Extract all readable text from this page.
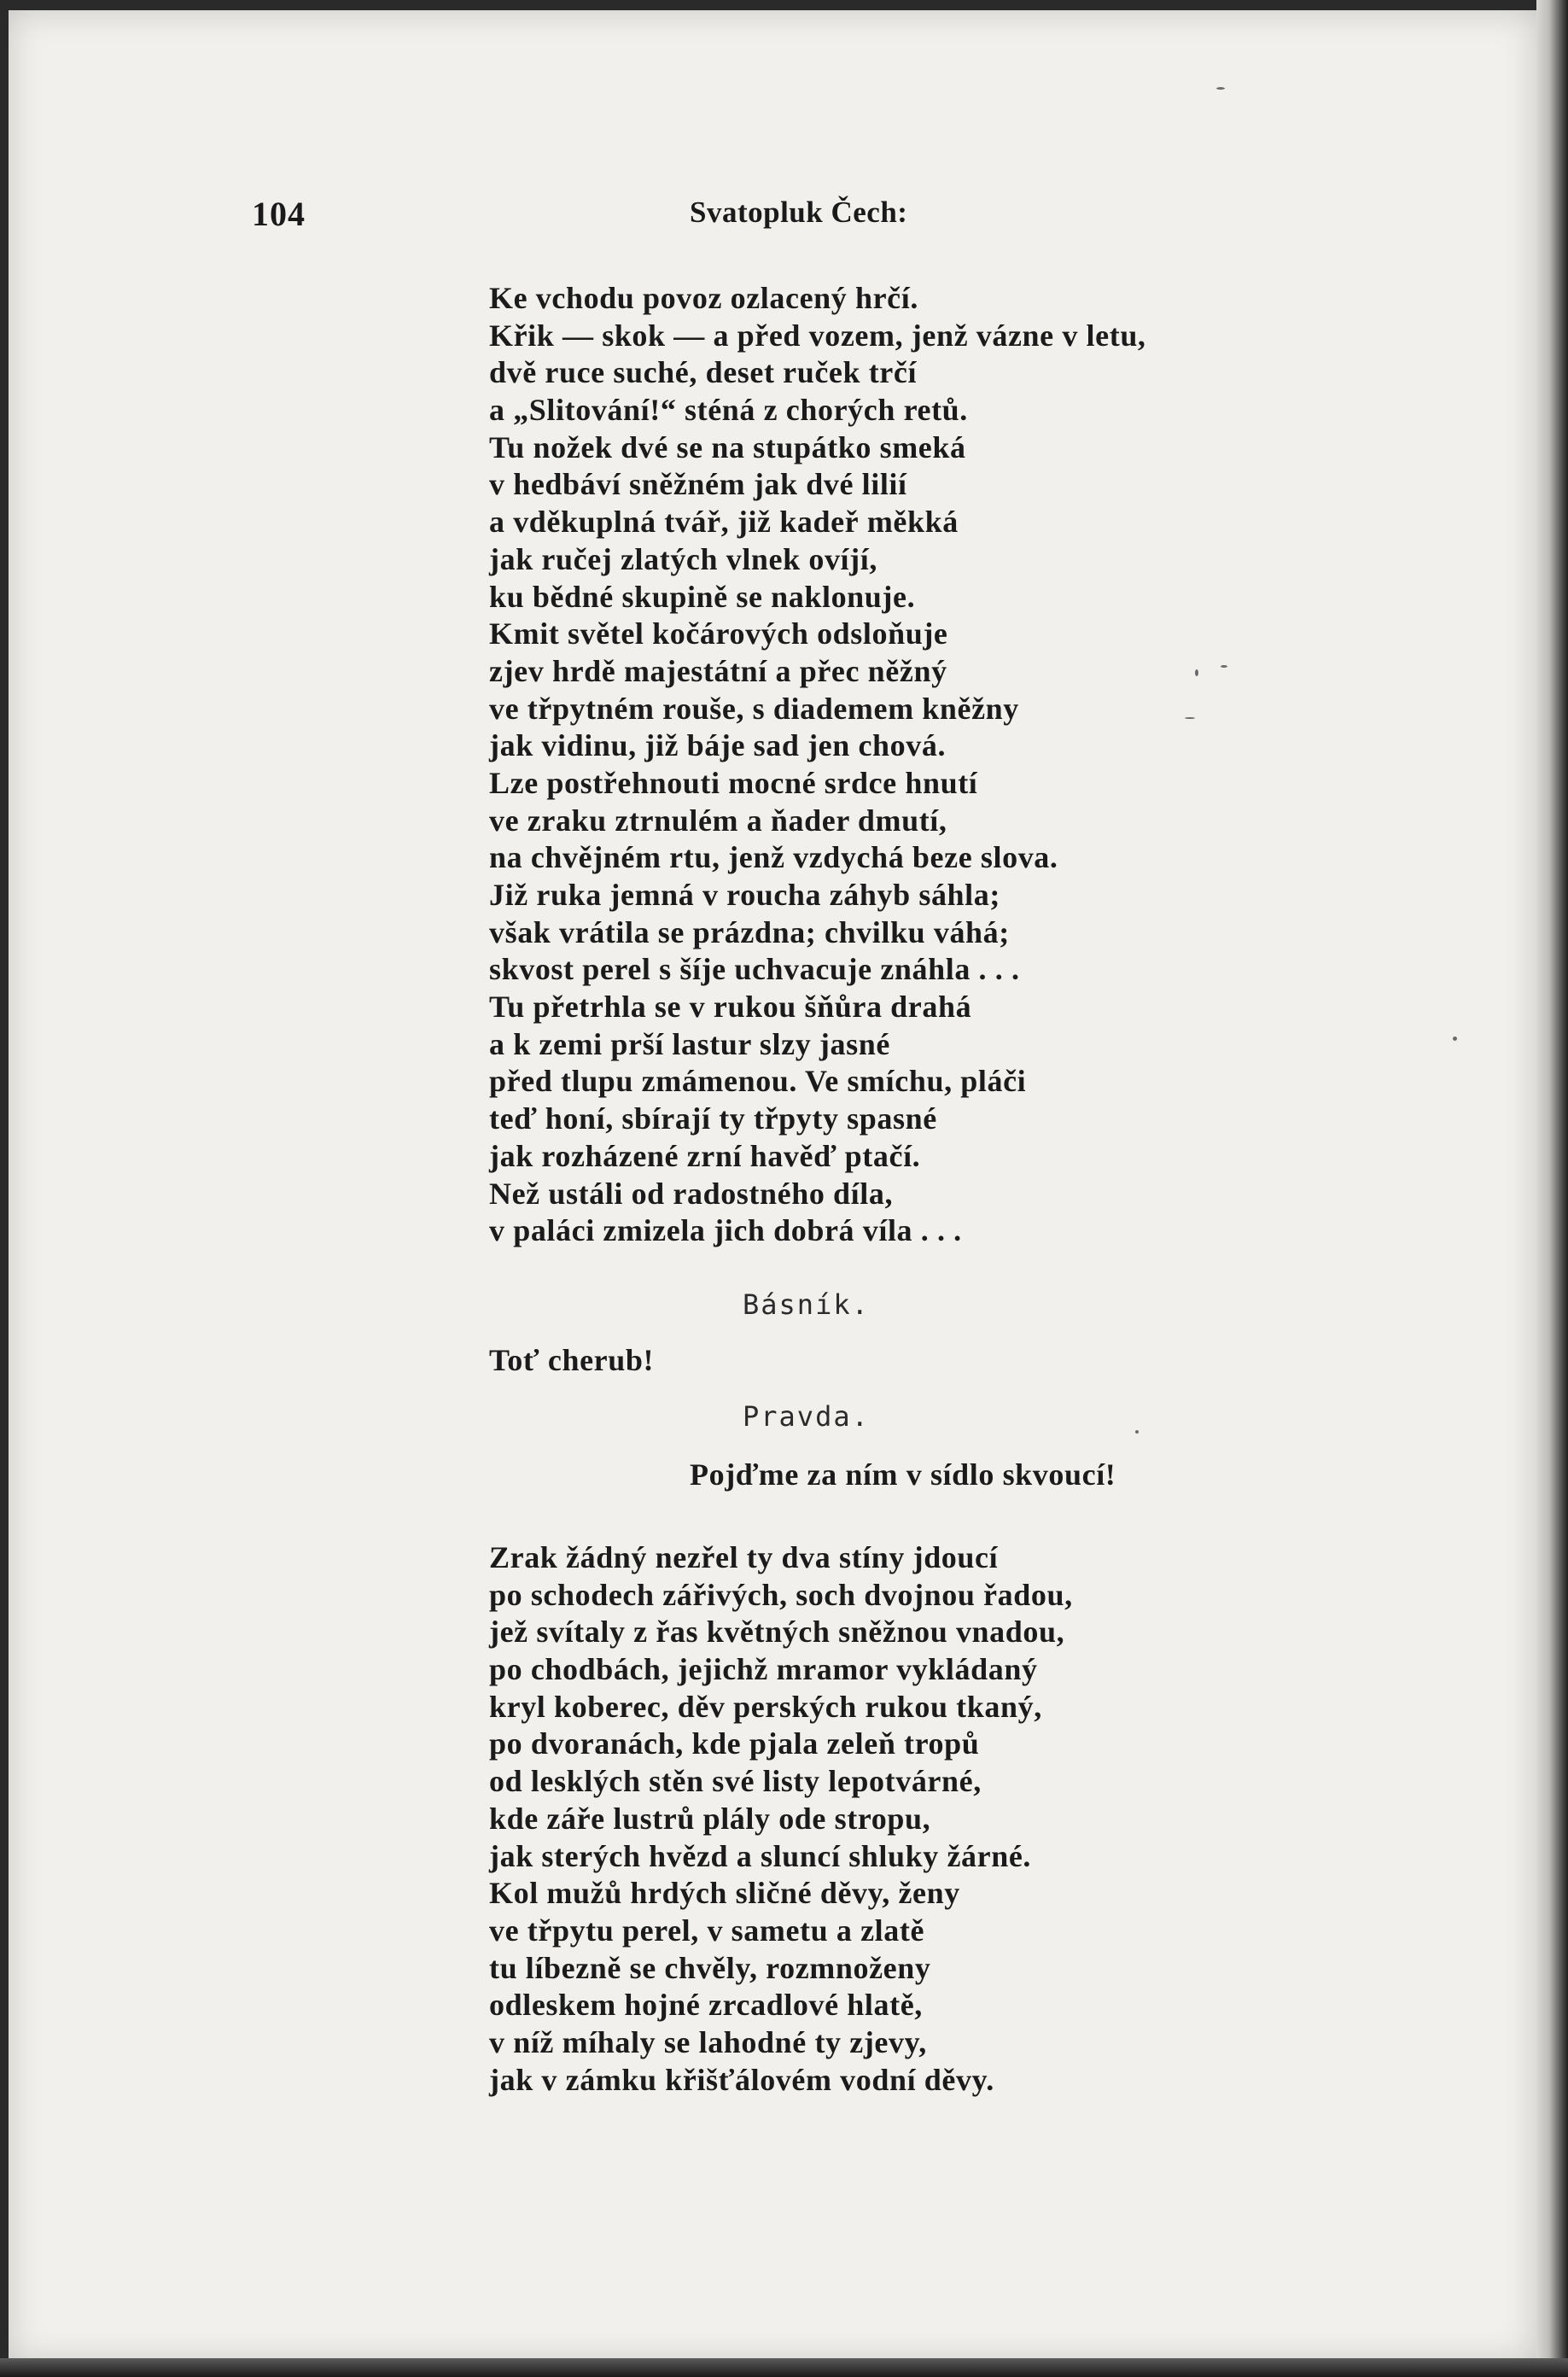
104	Svatopluk Čech:
Ke vchodu povoz ozlacený hrčí.
Křik — skok — a před vozem, jenž vázne v letu,
dvě ruce suché, deset ruček trčí
a „Slitování!“ sténá z chorých retů.
Tu nožek dvé se na stupátko smeká
v hedbáví sněžném jak dvé lilií
a vděkuplná tvář, již kadeř měkká
jak ručej zlatých vlnek ovíjí,
ku bědné skupině se naklonuje.
Kmit světel kočárových odsloňuje
zjev hrdě majestátní a přec něžný
ve třpytném rouše, s diademem kněžny
jak vidinu, již báje sad jen chová.
Lze postřehnouti mocné srdce hnutí
ve zraku ztrnulém a ňader dmutí,
na chvějném rtu, jenž vzdychá beze slova.
Již ruka jemná v roucha záhyb sáhla;
však vrátila se prázdna; chvilku váhá;
skvost perel s šíje uchvacuje znáhla . . .
Tu přetrhla se v rukou šňůra drahá
a k zemi prší lastur slzy jasné
před tlupu zmámenou. Ve smíchu, pláči
teď honí, sbírají ty třpyty spasné
jak rozházené zrní havěď ptačí.
Než ustáli od radostného díla,
v paláci zmizela jich dobrá víla . . .
Básník.
Toť cherub!
Pravda.
Pojďme za ním v sídlo skvoucí!
Zrak žádný nezřel ty dva stíny jdoucí
po schodech zářivých, soch dvojnou řadou,
jež svítaly z řas květných sněžnou vnadou,
po chodbách, jejichž mramor vykládaný
kryl koberec, děv perských rukou tkaný,
po dvoranách, kde pjala zeleň tropů
od lesklých stěn své listy lepotvárné,
kde záře lustrů plály ode stropu,
jak sterých hvězd a sluncí shluky žárné.
Kol mužů hrdých sličné děvy, ženy
ve třpytu perel, v sametu a zlatě
tu líbezně se chvěly, rozmnoženy
odleskem hojné zrcadlové hlatě,
v níž míhaly se lahodné ty zjevy,
jak v zámku křišťálovém vodní děvy.
